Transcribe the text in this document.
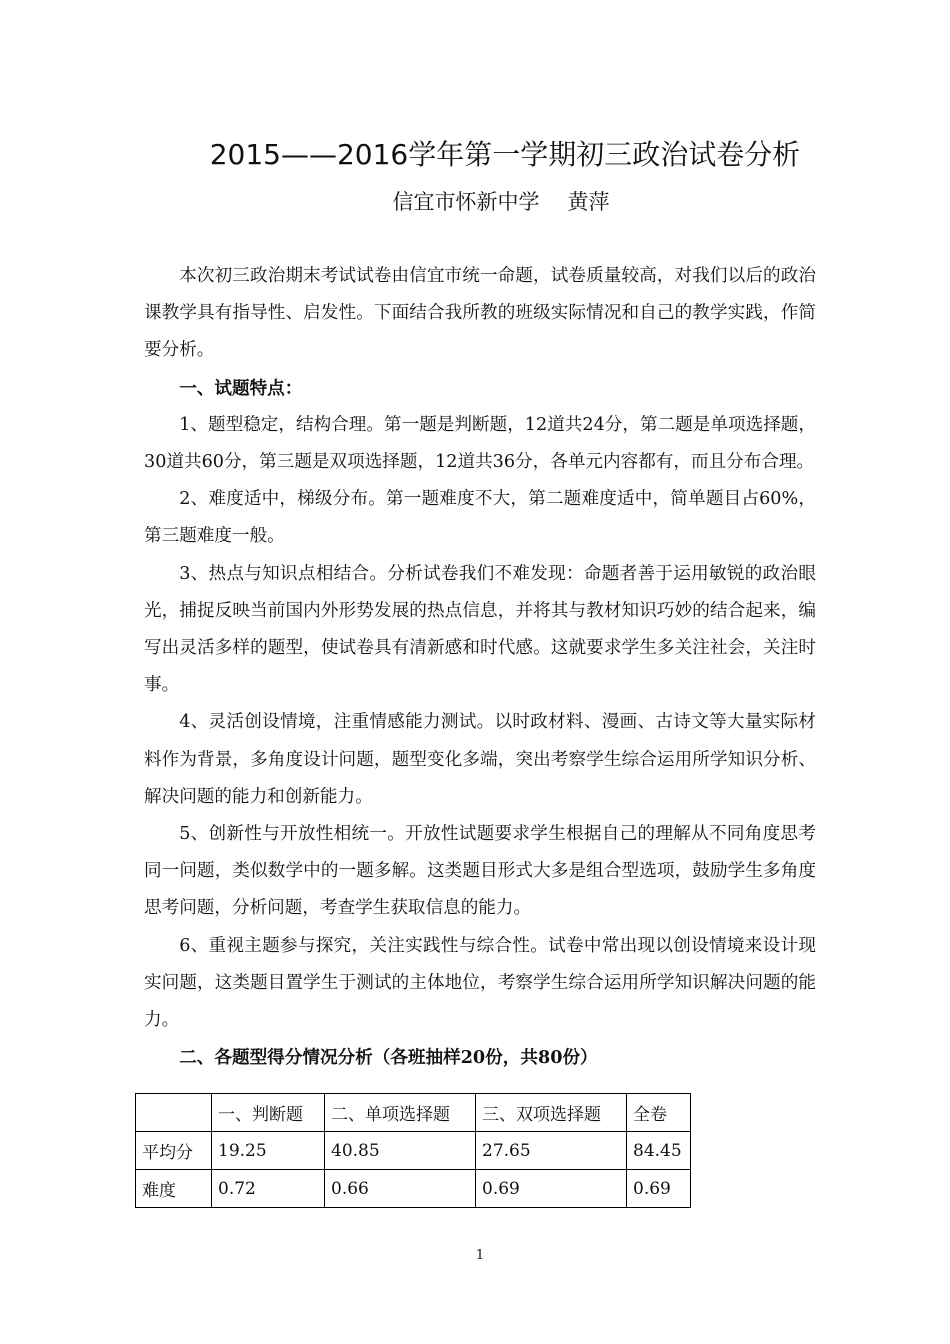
2015——2016学年第一学期初三政治试卷分析
信宜市怀新中学 黄萍

本次初三政治期末考试试卷由信宜市统一命题，试卷质量较高，对我们以后的政治课教学具有指导性、启发性。下面结合我所教的班级实际情况和自己的教学实践，作简要分析。

一、试题特点：

1、题型稳定，结构合理。第一题是判断题，12道共24分，第二题是单项选择题，30道共60分，第三题是双项选择题，12道共36分，各单元内容都有，而且分布合理。

2、难度适中，梯级分布。第一题难度不大，第二题难度适中，简单题目占60%，第三题难度一般。

3、热点与知识点相结合。分析试卷我们不难发现：命题者善于运用敏锐的政治眼光，捕捉反映当前国内外形势发展的热点信息，并将其与教材知识巧妙的结合起来，编写出灵活多样的题型，使试卷具有清新感和时代感。这就要求学生多关注社会，关注时事。

4、灵活创设情境，注重情感能力测试。以时政材料、漫画、古诗文等大量实际材料作为背景，多角度设计问题，题型变化多端，突出考察学生综合运用所学知识分析、解决问题的能力和创新能力。

5、创新性与开放性相统一。开放性试题要求学生根据自己的理解从不同角度思考同一问题，类似数学中的一题多解。这类题目形式大多是组合型选项，鼓励学生多角度思考问题，分析问题，考查学生获取信息的能力。

6、重视主题参与探究，关注实践性与综合性。试卷中常出现以创设情境来设计现实问题，这类题目置学生于测试的主体地位，考察学生综合运用所学知识解决问题的能力。

二、各题型得分情况分析（各班抽样20份，共80份）

	一、判断题	二、单项选择题	三、双项选择题	全卷
平均分	19.25	40.85	27.65	84.45
难度	0.72	0.66	0.69	0.69
1
